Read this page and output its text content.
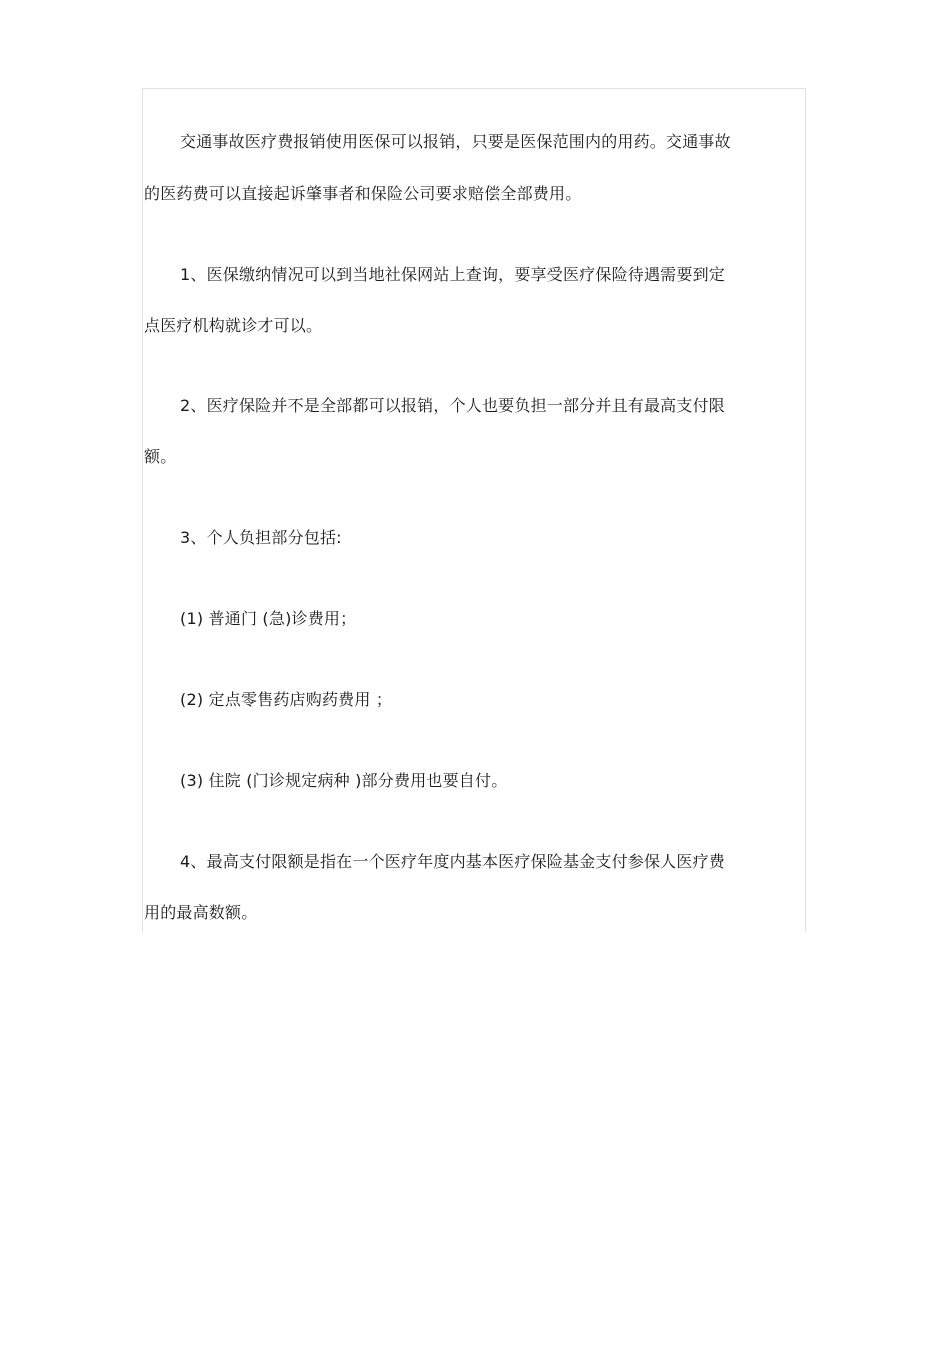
交通事故医疗费报销使用医保可以报销，只要是医保范围内的用药。交通事故
的医药费可以直接起诉肇事者和保险公司要求赔偿全部费用。
1、医保缴纳情况可以到当地社保网站上查询，要享受医疗保险待遇需要到定
点医疗机构就诊才可以。
2、医疗保险并不是全部都可以报销，个人也要负担一部分并且有最高支付限
额。
3、个人负担部分包括:
(1) 普通门 (急)诊费用；
(2) 定点零售药店购药费用 ；
(3) 住院 (门诊规定病种 )部分费用也要自付。
4、最高支付限额是指在一个医疗年度内基本医疗保险基金支付参保人医疗费
用的最高数额。
